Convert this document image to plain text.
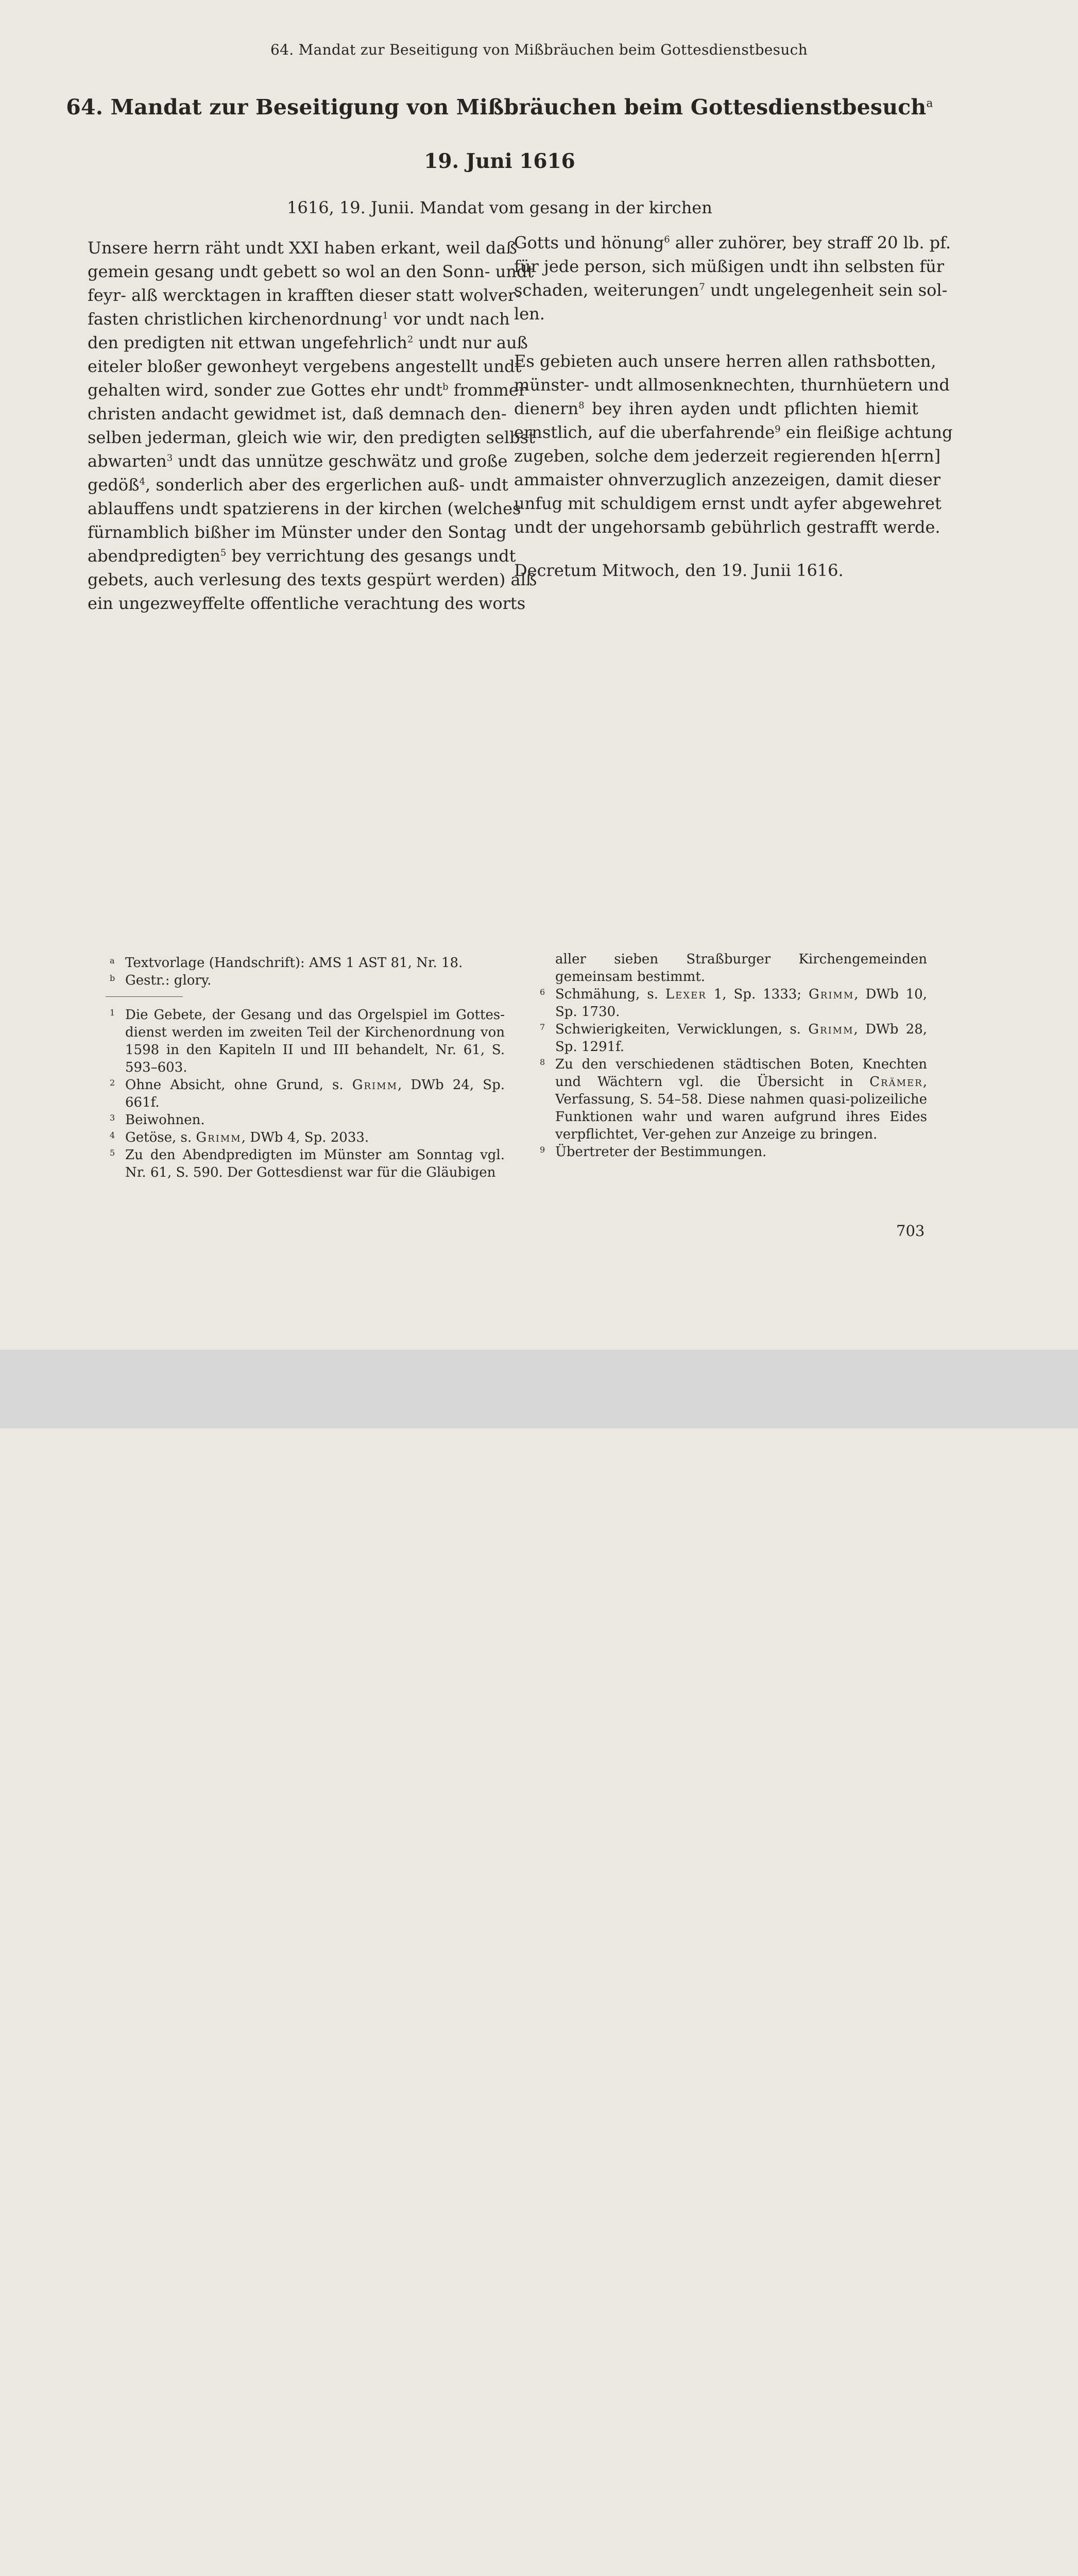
64. Mandat zur Beseitigung von Mißbräuchen beim Gottesdienstbesuch
64. Mandat zur Beseitigung von Mißbräuchen beim Gottesdienstbesuch$^a$
19. Juni 1616
1616, 19. Junii. Mandat vom gesang in der kirchen
Unsere herrn räht undt XXI haben erkant, weil daß
gemein gesang undt gebett so wol an den Sonn- undt
feyr- alß wercktagen in krafften dieser statt wolver-
fasten christlichen kirchenordnung$^1$ vor undt nach
den predigten nit ettwan ungefehrlich$^2$ undt nur auß
eiteler bloßer gewonheyt vergebens angestellt undt
gehalten wird, sonder zue Gottes ehr undt$^b$ frommer
christen andacht gewidmet ist, daß demnach den-
selben jederman, gleich wie wir, den predigten selbst
abwarten$^3$ undt das unnütze geschwätz und große
gedöß$^4$, sonderlich aber des ergerlichen auß- undt
ablauffens undt spatzierens in der kirchen (welches
fürnamblich bißher im Münster under den Sontag
abendpredigten$^5$ bey verrichtung des gesangs undt
gebets, auch verlesung des texts gespürt werden) alß
ein ungezweyffelte offentliche verachtung des worts
Gotts und hönung$^6$ aller zuhörer, bey straff 20 lb. pf.
für jede person, sich müßigen undt ihn selbsten für
schaden, weiterungen$^7$ undt ungelegenheit sein sol-
len.
Es gebieten auch unsere herren allen rathsbotten,
münster- undt allmosenknechten, thurnhüetern und
dienern$^8$ bey ihren ayden undt pflichten hiemit
ernstlich, auf die uberfahrende$^9$ ein fleißige achtung
zugeben, solche dem jederzeit regierenden h[errn]
ammaister ohnverzuglich anzezeigen, damit dieser
unfug mit schuldigem ernst undt ayfer abgewehret
undt der ungehorsamb gebührlich gestrafft werde.
Decretum Mitwoch, den 19. Junii 1616.
a Textvorlage (Handschrift): AMS 1 AST 81, Nr. 18.
b Gestr.: glory.
1 Die Gebete, der Gesang und das Orgelspiel im Gottes-dienst werden im zweiten Teil der Kirchenordnung von 1598 in den Kapiteln II und III behandelt, Nr. 61, S. 593–603.
2 Ohne Absicht, ohne Grund, s. Grimm, DWb 24, Sp. 661f.
3 Beiwohnen.
4 Getöse, s. Grimm, DWb 4, Sp. 2033.
5 Zu den Abendpredigten im Münster am Sonntag vgl. Nr. 61, S. 590. Der Gottesdienst war für die Gläubigen
aller sieben Straßburger Kirchengemeinden gemeinsam bestimmt.
6 Schmähung, s. Lexer 1, Sp. 1333; Grimm, DWb 10, Sp. 1730.
7 Schwierigkeiten, Verwicklungen, s. Grimm, DWb 28, Sp. 1291f.
8 Zu den verschiedenen städtischen Boten, Knechten und Wächtern vgl. die Übersicht in Crämer, Verfassung, S. 54–58. Diese nahmen quasi-polizeiliche Funktionen wahr und waren aufgrund ihres Eides verpflichtet, Ver-gehen zur Anzeige zu bringen.
9 Übertreter der Bestimmungen.
703
